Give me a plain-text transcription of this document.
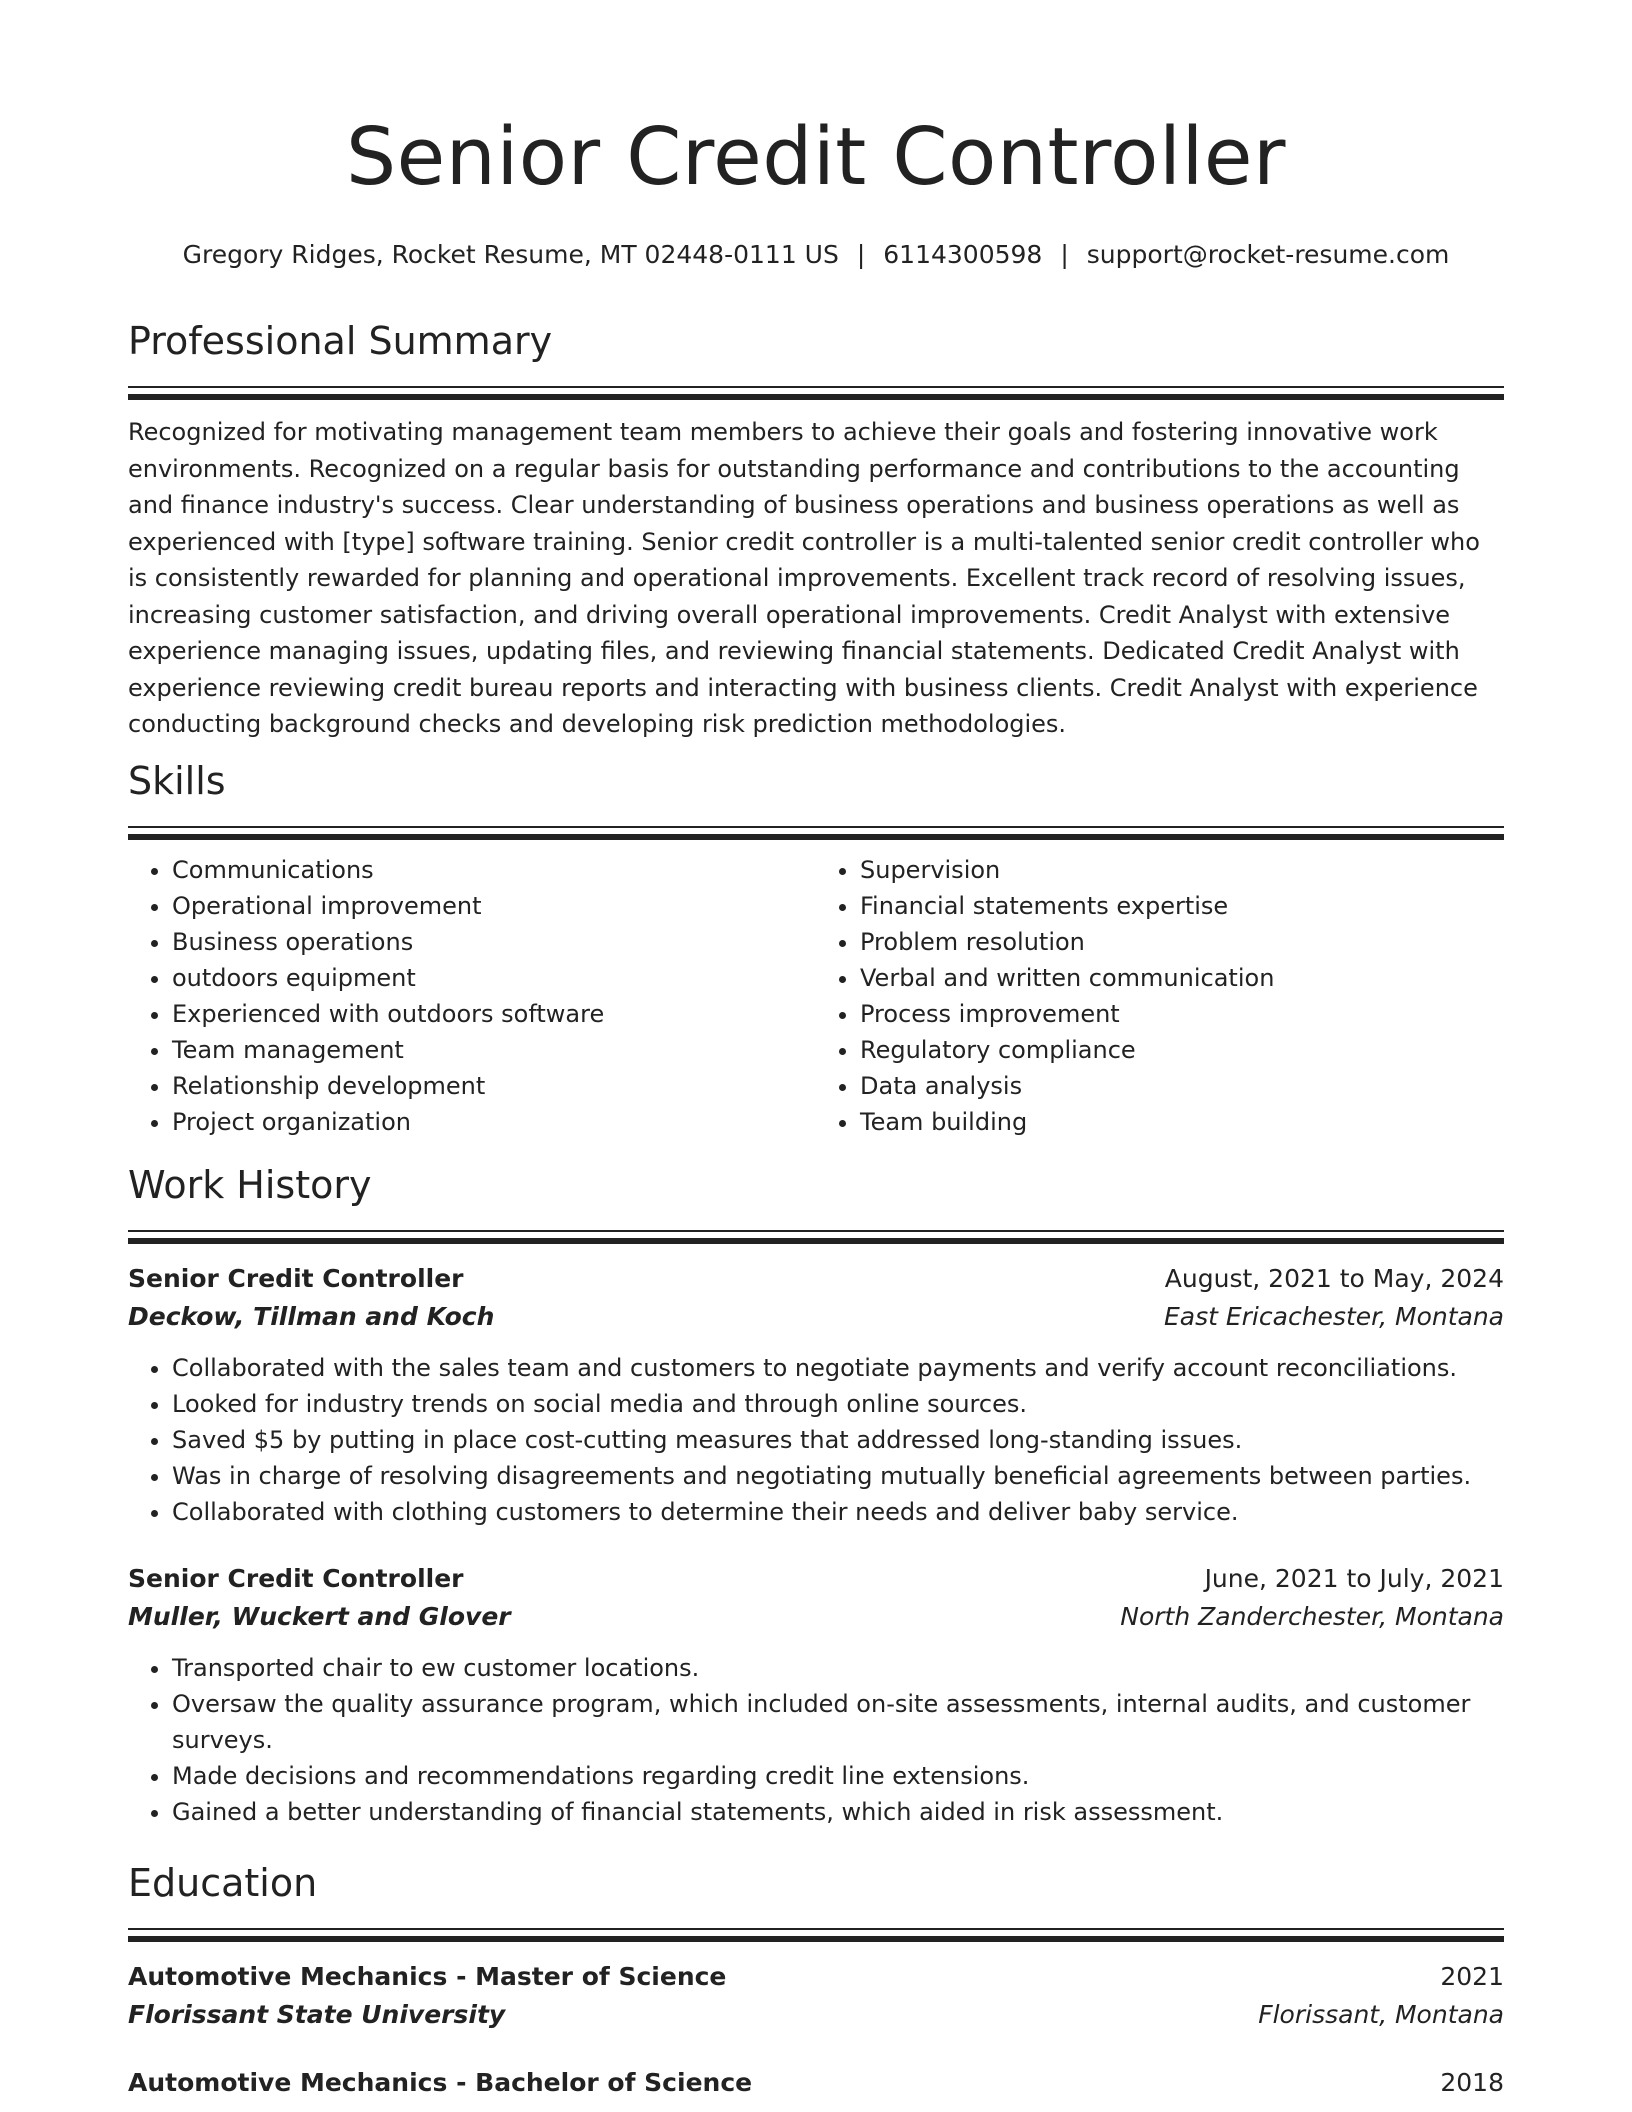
Senior Credit Controller
Gregory Ridges, Rocket Resume, MT 02448-0111 US | 6114300598 | support@rocket-resume.com
Professional Summary

Recognized for motivating management team members to achieve their goals and fostering innovative work environments. Recognized on a regular basis for outstanding performance and contributions to the accounting and finance industry's success. Clear understanding of business operations and business operations as well as experienced with [type] software training. Senior credit controller is a multi-talented senior credit controller who is consistently rewarded for planning and operational improvements. Excellent track record of resolving issues, increasing customer satisfaction, and driving overall operational improvements. Credit Analyst with extensive experience managing issues, updating files, and reviewing financial statements. Dedicated Credit Analyst with experience reviewing credit bureau reports and interacting with business clients. Credit Analyst with experience conducting background checks and developing risk prediction methodologies.

Skills
• Communications
• Operational improvement
• Business operations
• outdoors equipment
• Experienced with outdoors software
• Team management
• Relationship development
• Project organization
• Supervision
• Financial statements expertise
• Problem resolution
• Verbal and written communication
• Process improvement
• Regulatory compliance
• Data analysis
• Team building
Work History
Senior Credit Controller	August, 2021 to May, 2024
Deckow, Tillman and Koch	East Ericachester, Montana
• Collaborated with the sales team and customers to negotiate payments and verify account reconciliations.
• Looked for industry trends on social media and through online sources.
• Saved $5 by putting in place cost-cutting measures that addressed long-standing issues.
• Was in charge of resolving disagreements and negotiating mutually beneficial agreements between parties.
• Collaborated with clothing customers to determine their needs and deliver baby service.
Senior Credit Controller	June, 2021 to July, 2021
Muller, Wuckert and Glover	North Zanderchester, Montana
• Transported chair to ew customer locations.
• Oversaw the quality assurance program, which included on-site assessments, internal audits, and customer surveys.
• Made decisions and recommendations regarding credit line extensions.
• Gained a better understanding of financial statements, which aided in risk assessment.
Education
Automotive Mechanics - Master of Science	2021
Florissant State University	Florissant, Montana
Automotive Mechanics - Bachelor of Science	2018
